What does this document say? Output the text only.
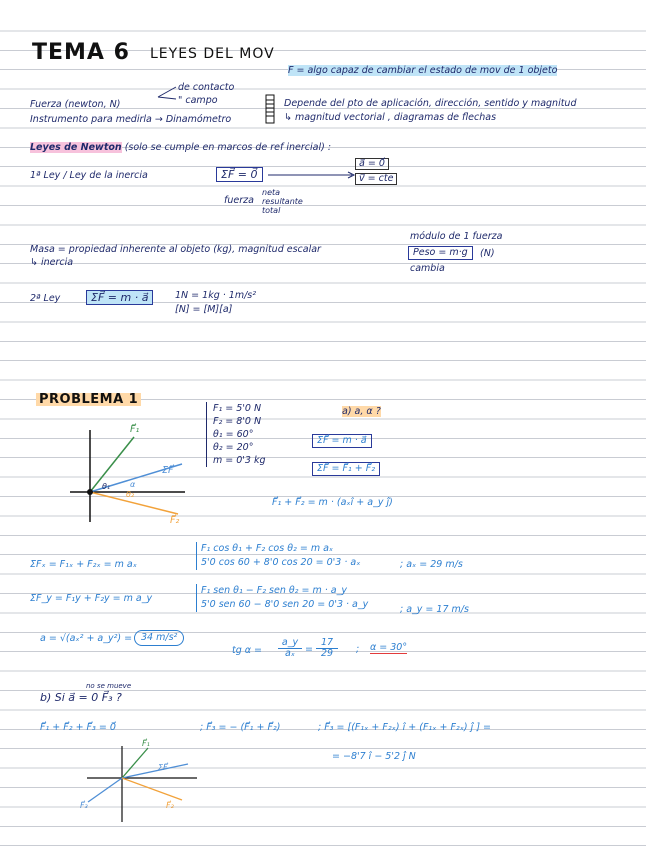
TEMA 6 LEYES DEL MOV
F = algo capaz de cambiar el estado de mov de 1 objeto
de contacto
" campo
Fuerza (newton, N)
Instrumento para medirla → Dinamómetro
Depende del pto de aplicación, dirección, sentido y magnitud
↳ magnitud vectorial , diagramas de flechas
Leyes de Newton (solo se cumple en marcos de ref inercial) :
1ª Ley / Ley de la inercia	ΣF⃗ = 0⃗
a⃗ = 0⃗
v⃗ = cte
fuerza
neta
resultante
total
Masa = propiedad inherente al objeto (kg), magnitud escalar
↳ inercia
módulo de 1 fuerza
Peso = m·g	(N)
cambia
2ª Ley	ΣF⃗ = m · a⃗	1N = 1kg · 1m/s²
[N] = [M][a]
PROBLEMA 1
F⃗₁
ΣF⃗
F⃗₂
θ₁
θ₂
α
F₁ = 5'0 N
F₂ = 8'0 N
θ₁ = 60°
θ₂ = 20°
m = 0'3 kg
a) a, α ?
ΣF⃗ = m · a⃗
ΣF⃗ = F⃗₁ + F⃗₂
F⃗₁ + F⃗₂ = m · (aₓî + a_y ĵ)
ΣFₓ = F₁ₓ + F₂ₓ = m aₓ
F₁ cos θ₁ + F₂ cos θ₂ = m aₓ
5'0 cos 60 + 8'0 cos 20 = 0'3 · aₓ	; aₓ = 29 m/s
ΣF_y = F₁y + F₂y = m a_y
F₁ sen θ₁ − F₂ sen θ₂ = m · a_y
5'0 sen 60 − 8'0 sen 20 = 0'3 · a_y	; a_y = 17 m/s
a = √(aₓ² + a_y²) = 34 m/s²
tg α =
a_y
aₓ	=
17
29	; α = 30°
no se mueve
b) Si a⃗ = 0 F⃗₃ ?
F⃗₁ + F⃗₂ + F⃗₃ = 0⃗	; F⃗₃ = − (F⃗₁ + F⃗₂)	; F⃗₃ = [(F₁ₓ + F₂ₓ) î + (F₁ₓ + F₂ₓ) ĵ ] =
= −8'7 î − 5'2 ĵ N
F⃗₁
ΣF⃗
F⃗₂
F⃗₃
